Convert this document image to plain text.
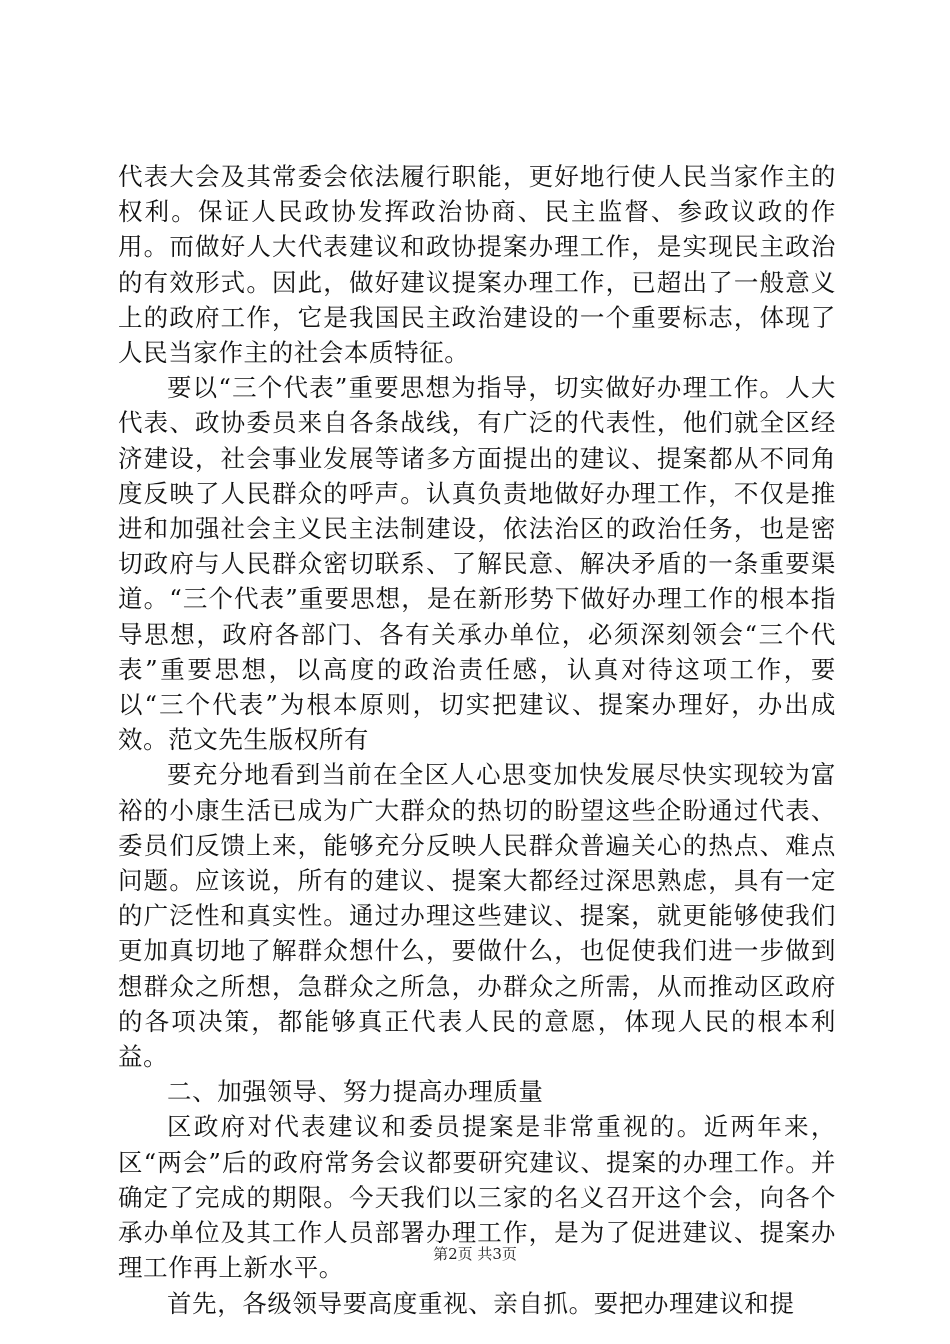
代表大会及其常委会依法履行职能，更好地行使人民当家作主的权利。保证人民政协发挥政治协商、民主监督、参政议政的作用。而做好人大代表建议和政协提案办理工作，是实现民主政治的有效形式。因此，做好建议提案办理工作，已超出了一般意义上的政府工作，它是我国民主政治建设的一个重要标志，体现了人民当家作主的社会本质特征。

要以“三个代表”重要思想为指导，切实做好办理工作。人大代表、政协委员来自各条战线，有广泛的代表性，他们就全区经济建设，社会事业发展等诸多方面提出的建议、提案都从不同角度反映了人民群众的呼声。认真负责地做好办理工作，不仅是推进和加强社会主义民主法制建设，依法治区的政治任务，也是密切政府与人民群众密切联系、了解民意、解决矛盾的一条重要渠道。“三个代表”重要思想，是在新形势下做好办理工作的根本指导思想，政府各部门、各有关承办单位，必须深刻领会“三个代表”重要思想，以高度的政治责任感，认真对待这项工作，要以“三个代表”为根本原则，切实把建议、提案办理好，办出成效。范文先生版权所有

要充分地看到当前在全区人心思变加快发展尽快实现较为富裕的小康生活已成为广大群众的热切的盼望这些企盼通过代表、委员们反馈上来，能够充分反映人民群众普遍关心的热点、难点问题。应该说，所有的建议、提案大都经过深思熟虑，具有一定的广泛性和真实性。通过办理这些建议、提案，就更能够使我们更加真切地了解群众想什么，要做什么，也促使我们进一步做到想群众之所想，急群众之所急，办群众之所需，从而推动区政府的各项决策，都能够真正代表人民的意愿，体现人民的根本利益。

二、加强领导、努力提高办理质量

区政府对代表建议和委员提案是非常重视的。近两年来，区“两会”后的政府常务会议都要研究建议、提案的办理工作。并确定了完成的期限。今天我们以三家的名义召开这个会，向各个承办单位及其工作人员部署办理工作，是为了促进建议、提案办理工作再上新水平。

首先，各级领导要高度重视、亲自抓。要把办理建议和提

第2页 共3页
